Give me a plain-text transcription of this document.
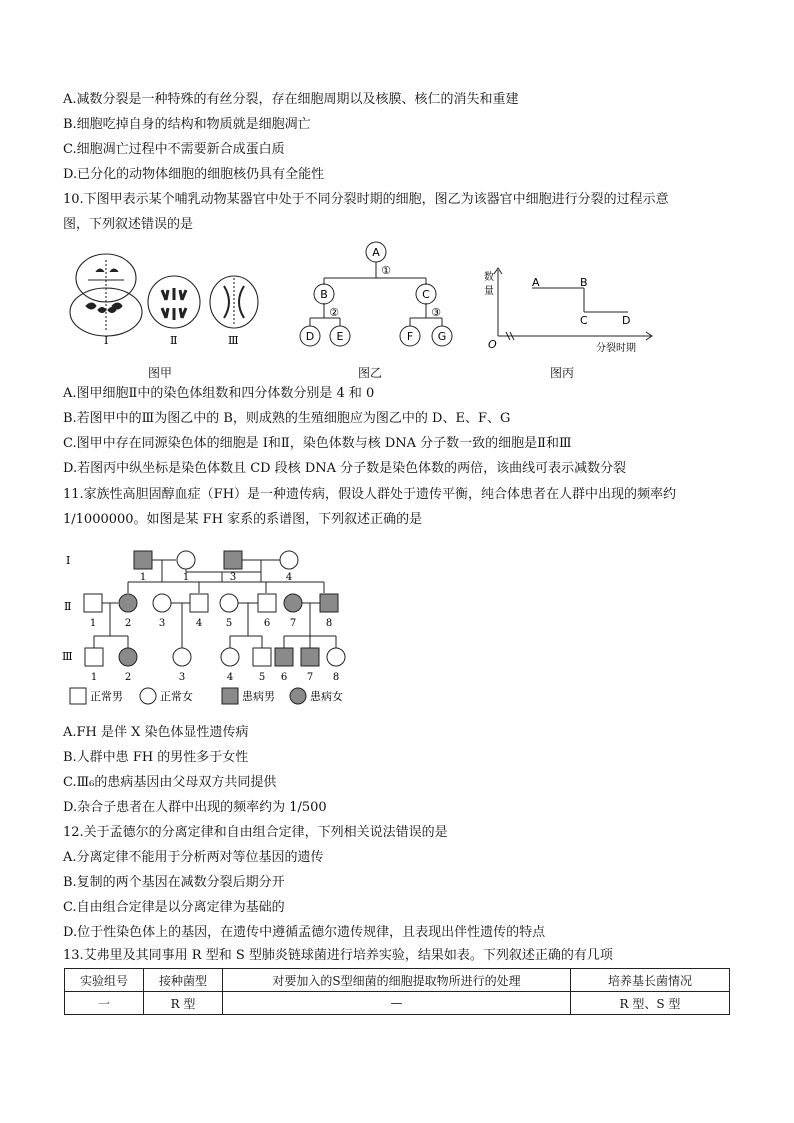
A.减数分裂是一种特殊的有丝分裂，存在细胞周期以及核膜、核仁的消失和重建
B.细胞吃掉自身的结构和物质就是细胞凋亡
C.细胞凋亡过程中不需要新合成蛋白质
D.已分化的动物体细胞的细胞核仍具有全能性
10.下图甲表示某个哺乳动物某器官中处于不同分裂时期的细胞，图乙为该器官中细胞进行分裂的过程示意
图，下列叙述错误的是
Ⅰ	Ⅱ	Ⅲ
图甲
A
B	C
D E	F G
①
②	③
图乙
数
量
O
A	B
C	D
分裂时期
图丙
A.图甲细胞Ⅱ中的染色体组数和四分体数分别是 4 和 0
B.若图甲中的Ⅲ为图乙中的 B，则成熟的生殖细胞应为图乙中的 D、E、F、G
C.图甲中存在同源染色体的细胞是 Ⅰ和Ⅱ，染色体数与核 DNA 分子数一致的细胞是Ⅱ和Ⅲ
D.若图丙中纵坐标是染色体数且 CD 段核 DNA 分子数是染色体数的两倍，该曲线可表示减数分裂
11.家族性高胆固醇血症（FH）是一种遗传病，假设人群处于遗传平衡，纯合体患者在人群中出现的频率约
1/1000000。如图是某 FH 家系的系谱图，下列叙述正确的是
Ⅰ
Ⅱ
Ⅲ
1	1	3	4
1	2	3	4 5	6 7	8
1	2	3	4	5 6 7 8
正常男	正常女	患病男	患病女
A.FH 是伴 X 染色体显性遗传病
B.人群中患 FH 的男性多于女性
C.Ⅲ₆的患病基因由父母双方共同提供
D.杂合子患者在人群中出现的频率约为 1/500
12.关于孟德尔的分离定律和自由组合定律，下列相关说法错误的是
A.分离定律不能用于分析两对等位基因的遗传
B.复制的两个基因在减数分裂后期分开
C.自由组合定律是以分离定律为基础的
D.位于性染色体上的基因，在遗传中遵循孟德尔遗传规律，且表现出伴性遗传的特点
13.艾弗里及其同事用 R 型和 S 型肺炎链球菌进行培养实验，结果如表。下列叙述正确的有几项
实验组号	接种菌型	对要加入的S型细菌的细胞提取物所进行的处理	培养基长菌情况
一	R 型	—	R 型、S 型
